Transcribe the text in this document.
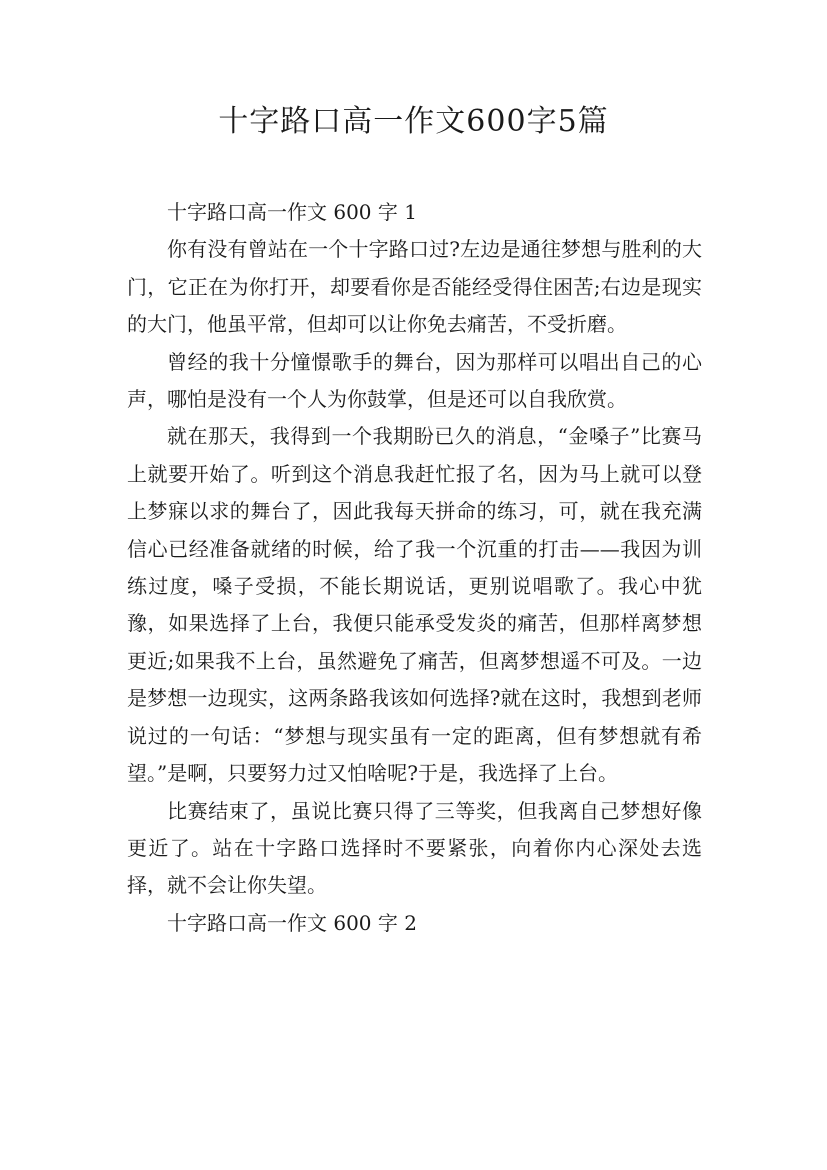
十字路口高一作文600字5篇

十字路口高一作文 600 字 1

你有没有曾站在一个十字路口过?左边是通往梦想与胜利的大门，它正在为你打开，却要看你是否能经受得住困苦;右边是现实的大门，他虽平常，但却可以让你免去痛苦，不受折磨。

曾经的我十分憧憬歌手的舞台，因为那样可以唱出自己的心声，哪怕是没有一个人为你鼓掌，但是还可以自我欣赏。

就在那天，我得到一个我期盼已久的消息，“金嗓子”比赛马上就要开始了。听到这个消息我赶忙报了名，因为马上就可以登上梦寐以求的舞台了，因此我每天拼命的练习，可，就在我充满信心已经准备就绪的时候，给了我一个沉重的打击——我因为训练过度，嗓子受损，不能长期说话，更别说唱歌了。我心中犹豫，如果选择了上台，我便只能承受发炎的痛苦，但那样离梦想更近;如果我不上台，虽然避免了痛苦，但离梦想遥不可及。一边是梦想一边现实，这两条路我该如何选择?就在这时，我想到老师说过的一句话：“梦想与现实虽有一定的距离，但有梦想就有希望。”是啊，只要努力过又怕啥呢?于是，我选择了上台。

比赛结束了，虽说比赛只得了三等奖，但我离自己梦想好像更近了。站在十字路口选择时不要紧张，向着你内心深处去选择，就不会让你失望。

十字路口高一作文 600 字 2
